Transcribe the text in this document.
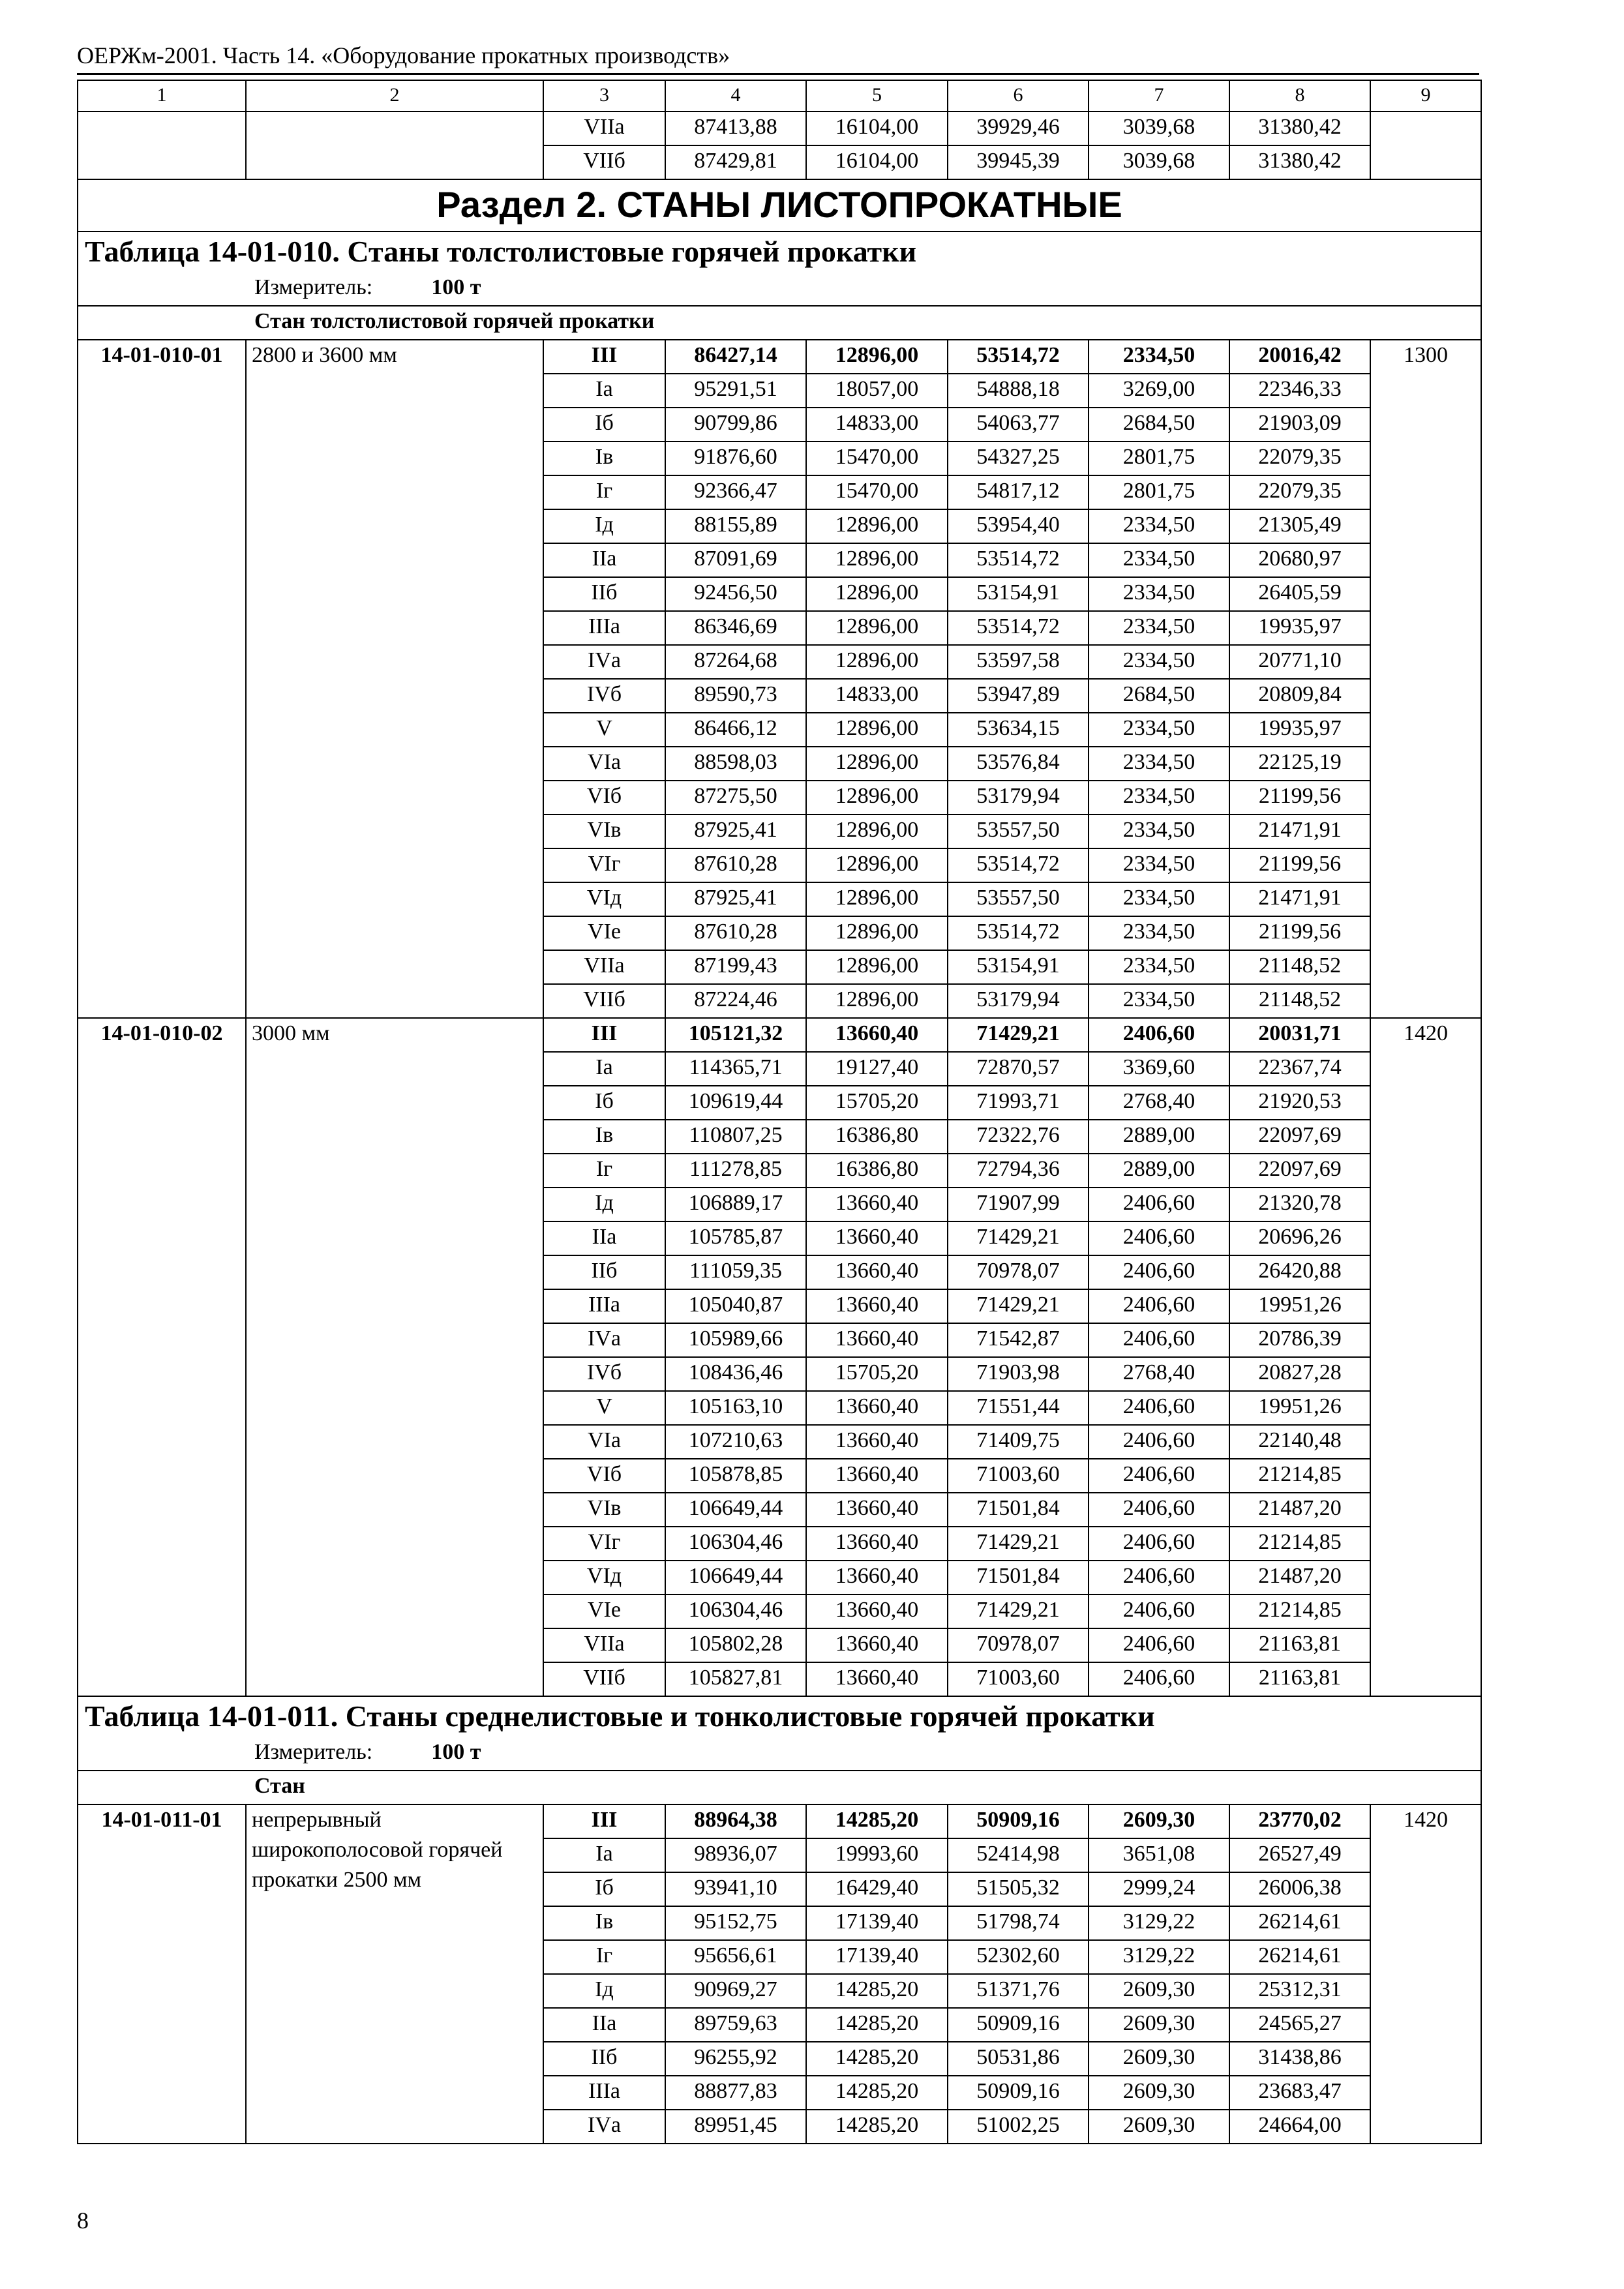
ОЕРЖм-2001. Часть 14. «Оборудование прокатных производств»
1	2	3	4	5	6	7	8	9
		VIIа	87413,88	16104,00	39929,46	3039,68	31380,42	
		VIIб	87429,81	16104,00	39945,39	3039,68	31380,42	
Раздел 2. СТАНЫ ЛИСТОПРОКАТНЫЕ								
Таблица 14-01-010. Станы толстолистовые горячей прокатки								
Измеритель: 100 т								
Стан толстолистовой горячей прокатки								
14-01-010-01	2800 и 3600 мм	III	86427,14	12896,00	53514,72	2334,50	20016,42	1300
		Iа	95291,51	18057,00	54888,18	3269,00	22346,33	
		Iб	90799,86	14833,00	54063,77	2684,50	21903,09	
		Iв	91876,60	15470,00	54327,25	2801,75	22079,35	
		Iг	92366,47	15470,00	54817,12	2801,75	22079,35	
		Iд	88155,89	12896,00	53954,40	2334,50	21305,49	
		IIа	87091,69	12896,00	53514,72	2334,50	20680,97	
		IIб	92456,50	12896,00	53154,91	2334,50	26405,59	
		IIIа	86346,69	12896,00	53514,72	2334,50	19935,97	
		IVа	87264,68	12896,00	53597,58	2334,50	20771,10	
		IVб	89590,73	14833,00	53947,89	2684,50	20809,84	
		V	86466,12	12896,00	53634,15	2334,50	19935,97	
		VIа	88598,03	12896,00	53576,84	2334,50	22125,19	
		VIб	87275,50	12896,00	53179,94	2334,50	21199,56	
		VIв	87925,41	12896,00	53557,50	2334,50	21471,91	
		VIг	87610,28	12896,00	53514,72	2334,50	21199,56	
		VIд	87925,41	12896,00	53557,50	2334,50	21471,91	
		VIе	87610,28	12896,00	53514,72	2334,50	21199,56	
		VIIа	87199,43	12896,00	53154,91	2334,50	21148,52	
		VIIб	87224,46	12896,00	53179,94	2334,50	21148,52	
14-01-010-02	3000 мм	III	105121,32	13660,40	71429,21	2406,60	20031,71	1420
		Iа	114365,71	19127,40	72870,57	3369,60	22367,74	
		Iб	109619,44	15705,20	71993,71	2768,40	21920,53	
		Iв	110807,25	16386,80	72322,76	2889,00	22097,69	
		Iг	111278,85	16386,80	72794,36	2889,00	22097,69	
		Iд	106889,17	13660,40	71907,99	2406,60	21320,78	
		IIа	105785,87	13660,40	71429,21	2406,60	20696,26	
		IIб	111059,35	13660,40	70978,07	2406,60	26420,88	
		IIIа	105040,87	13660,40	71429,21	2406,60	19951,26	
		IVа	105989,66	13660,40	71542,87	2406,60	20786,39	
		IVб	108436,46	15705,20	71903,98	2768,40	20827,28	
		V	105163,10	13660,40	71551,44	2406,60	19951,26	
		VIа	107210,63	13660,40	71409,75	2406,60	22140,48	
		VIб	105878,85	13660,40	71003,60	2406,60	21214,85	
		VIв	106649,44	13660,40	71501,84	2406,60	21487,20	
		VIг	106304,46	13660,40	71429,21	2406,60	21214,85	
		VIд	106649,44	13660,40	71501,84	2406,60	21487,20	
		VIе	106304,46	13660,40	71429,21	2406,60	21214,85	
		VIIа	105802,28	13660,40	70978,07	2406,60	21163,81	
		VIIб	105827,81	13660,40	71003,60	2406,60	21163,81	
Таблица 14-01-011. Станы среднелистовые и тонколистовые горячей прокатки								
Измеритель: 100 т								
Стан								
14-01-011-01	непрерывный широкополосовой горячей прокатки 2500 мм	III	88964,38	14285,20	50909,16	2609,30	23770,02	1420
		Iа	98936,07	19993,60	52414,98	3651,08	26527,49	
		Iб	93941,10	16429,40	51505,32	2999,24	26006,38	
		Iв	95152,75	17139,40	51798,74	3129,22	26214,61	
		Iг	95656,61	17139,40	52302,60	3129,22	26214,61	
		Iд	90969,27	14285,20	51371,76	2609,30	25312,31	
		IIа	89759,63	14285,20	50909,16	2609,30	24565,27	
		IIб	96255,92	14285,20	50531,86	2609,30	31438,86	
		IIIа	88877,83	14285,20	50909,16	2609,30	23683,47	
		IVа	89951,45	14285,20	51002,25	2609,30	24664,00	
8
